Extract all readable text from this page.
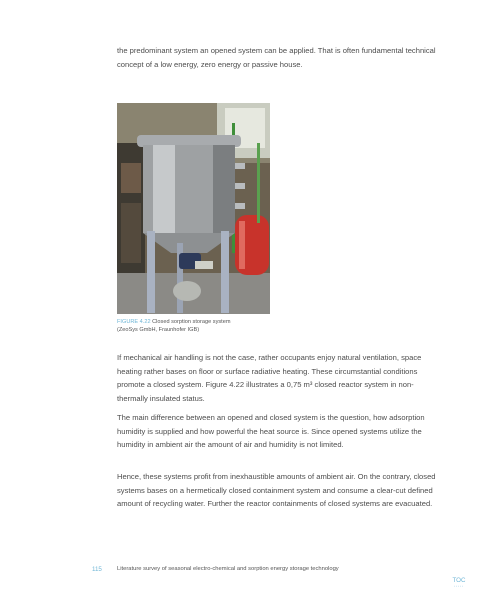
the predominant system an opened system can be applied. That is often fundamental technical concept of a low energy, zero energy or passive house.

FIGURE 4.22 Closed sorption storage system
(ZeoSys GmbH, Fraunhofer IGB)

If mechanical air handling is not the case, rather occupants enjoy natural ventilation, space heating rather bases on floor or surface radiative heating. These circumstantial conditions promote a closed system. Figure 4.22 illustrates a 0,75 m³ closed reactor system in non- thermally insulated status.

The main difference between an opened and closed system is the question, how adsorption humidity is supplied and how powerful the heat source is. Since opened systems utilize the humidity in ambient air the amount of air and humidity is not limited.

Hence, these systems profit from inexhaustible amounts of ambient air. On the contrary, closed systems bases on a hermetically closed containment system and consume a clear-cut defined amount of recycling water. Further the reactor containments of closed systems are evacuated.

115	Literature survey of seasonal electro-chemical and sorption energy storage technology
TOC
•••••
